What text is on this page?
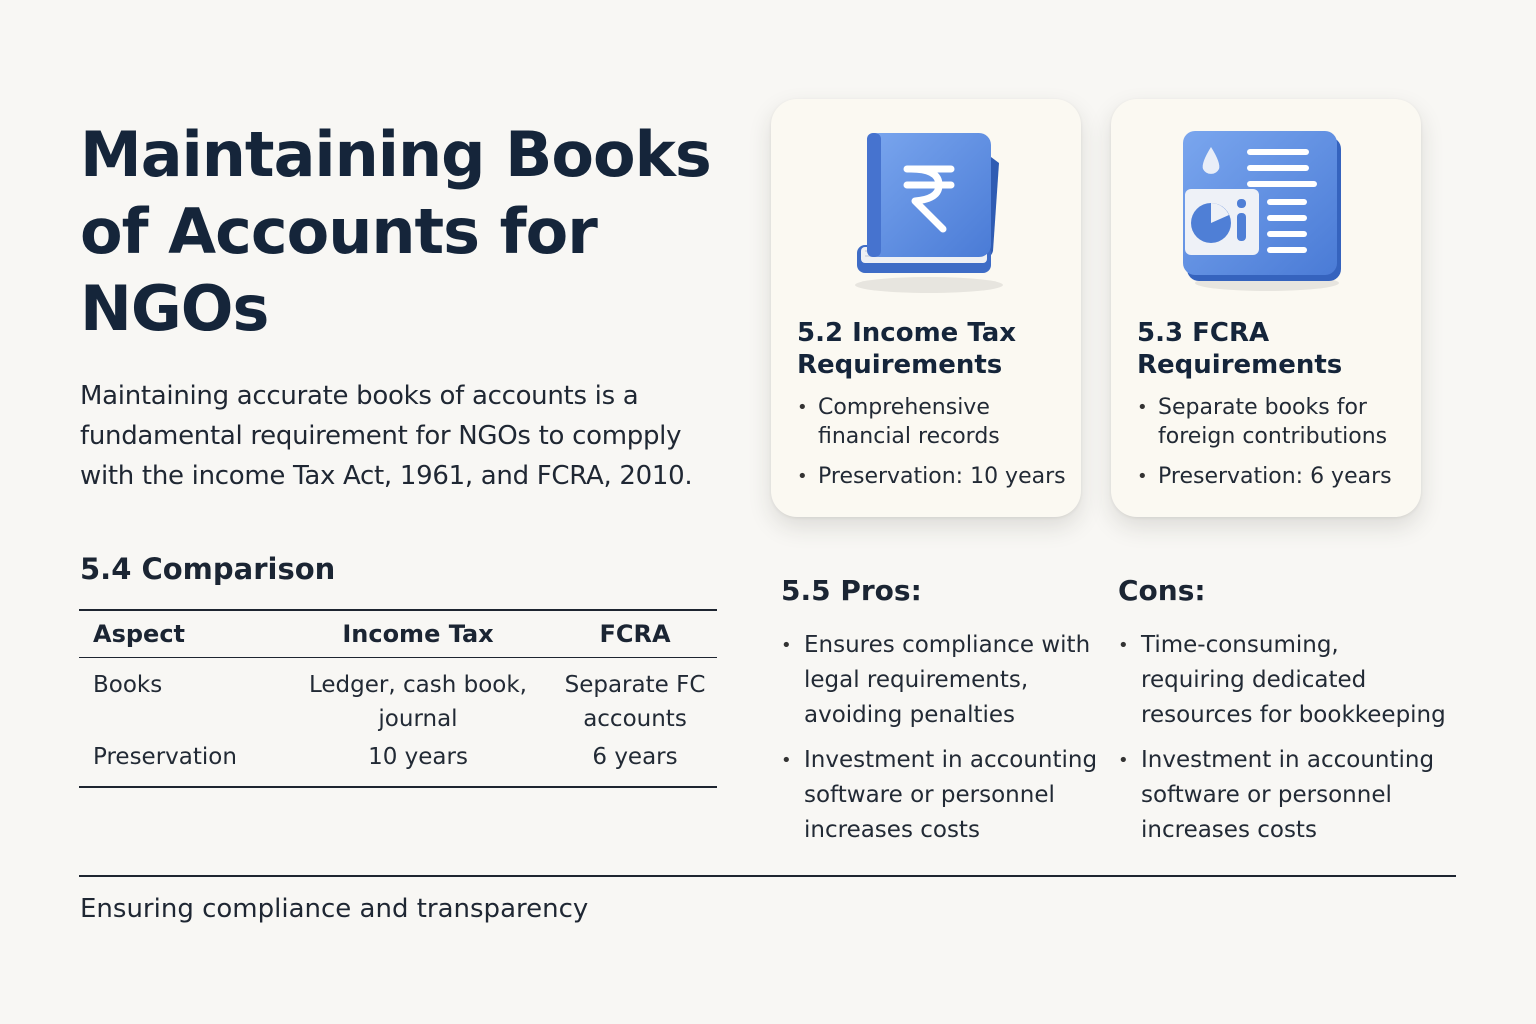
Maintaining Books of Accounts for NGOs

Maintaining accurate books of accounts is a fundamental requirement for NGOs to compply with the income Tax Act, 1961, and FCRA, 2010.

5.2 Income Tax Requirements
• Comprehensive financial records
• Preservation: 10 years
5.3 FCRA Requirements
• Separate books for foreign contributions
• Preservation: 6 years
5.4 Comparison
Aspect	Income Tax	FCRA
Books	Ledger, cash book, journal	Separate FC accounts
Preservation	10 years	6 years
5.5 Pros:
• Ensures compliance with legal requirements, avoiding penalties
• Investment in accounting software or personnel increases costs
Cons:
• Time-consuming, requiring dedicated resources for bookkeeping
• Investment in accounting software or personnel increases costs

Ensuring compliance and transparency
